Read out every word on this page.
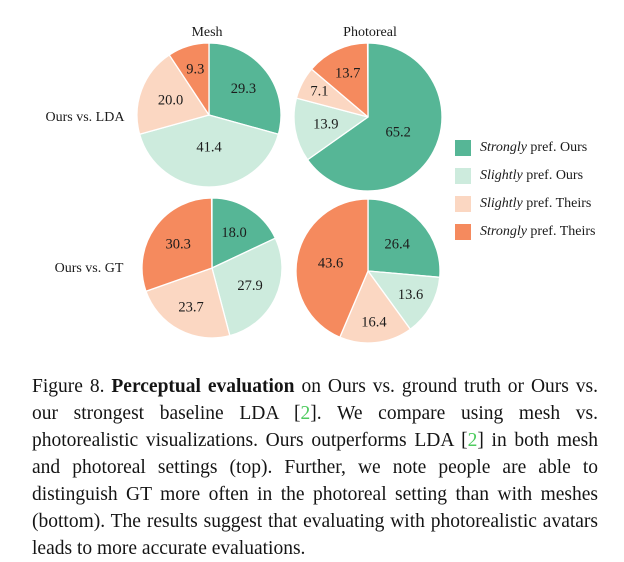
Mesh	Photoreal
Ours vs. LDA
Ours vs. GT
29.3
41.4
20.0
9.3
65.2
13.9
7.1
13.7
18.0
27.9
23.7
30.3	26.4
13.6
16.4
43.6
Strongly pref. Ours
Slightly pref. Ours
Slightly pref. Theirs
Strongly pref. Theirs

Figure 8. Perceptual evaluation on Ours vs. ground truth or Ours vs. our strongest baseline LDA [2]. We compare using mesh vs. photorealistic visualizations. Ours outperforms LDA [2] in both mesh and photoreal settings (top). Further, we note people are able to distinguish GT more often in the photoreal setting than with meshes (bottom). The results suggest that evaluating with photorealistic avatars leads to more accurate evaluations.
